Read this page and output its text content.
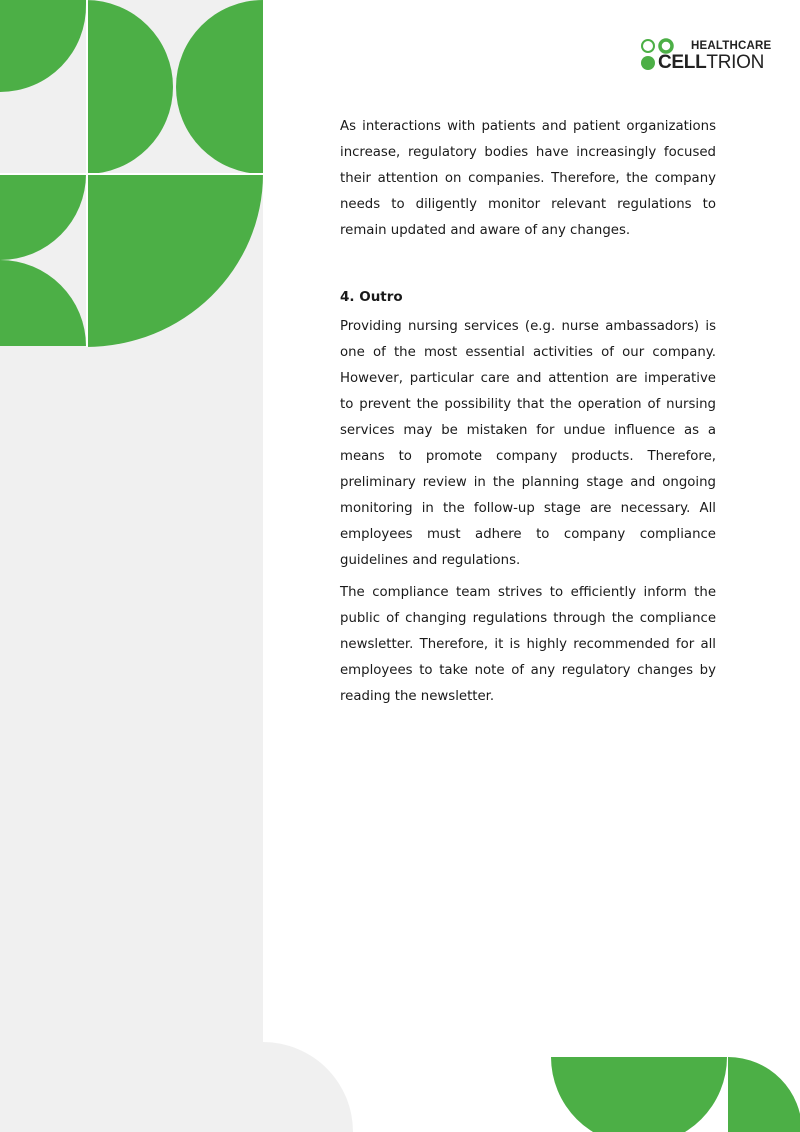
HEALTHCARE
CELLTRION

As interactions with patients and patient organizations increase, regulatory bodies have increasingly focused their attention on companies. Therefore, the company needs to diligently monitor relevant regulations to remain updated and aware of any changes.

4. Outro

Providing nursing services (e.g. nurse ambassadors) is one of the most essential activities of our company. However, particular care and attention are imperative to prevent the possibility that the operation of nursing services may be mistaken for undue influence as a means to promote company products. Therefore, preliminary review in the planning stage and ongoing monitoring in the follow-up stage are necessary. All employees must adhere to company compliance guidelines and regulations.

The compliance team strives to efficiently inform the public of changing regulations through the compliance newsletter. Therefore, it is highly recommended for all employees to take note of any regulatory changes by reading the newsletter.
